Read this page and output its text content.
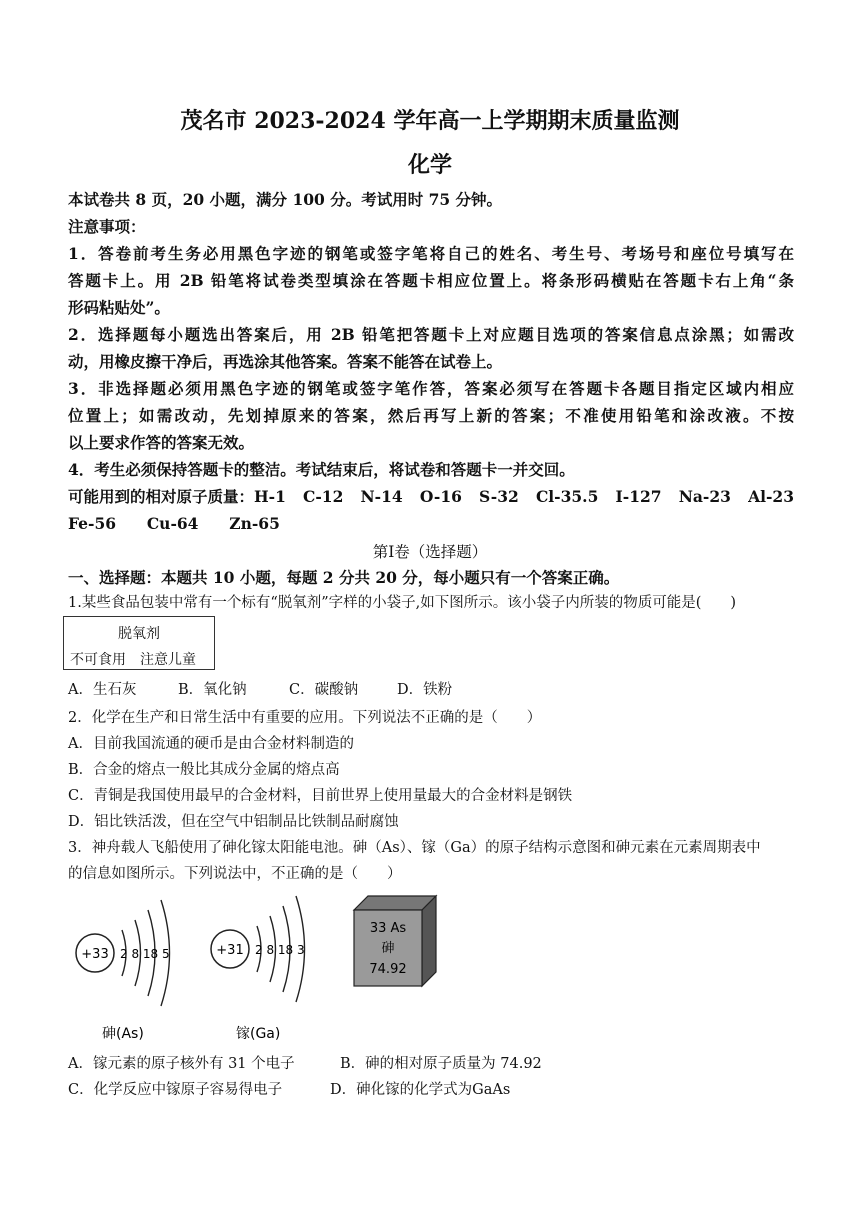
茂名市 2023-2024 学年高一上学期期末质量监测
化学
本试卷共 8 页，20 小题，满分 100 分。考试用时 75 分钟。
注意事项：
1．答卷前考生务必用黑色字迹的钢笔或签字笔将自己的姓名、考生号、考场号和座位号填写在
答题卡上。用 2B 铅笔将试卷类型填涂在答题卡相应位置上。将条形码横贴在答题卡右上角“条
形码粘贴处”。
2．选择题每小题选出答案后，用 2B 铅笔把答题卡上对应题目选项的答案信息点涂黑；如需改
动，用橡皮擦干净后，再选涂其他答案。答案不能答在试卷上。
3．非选择题必须用黑色字迹的钢笔或签字笔作答，答案必须写在答题卡各题目指定区域内相应
位置上；如需改动，先划掉原来的答案，然后再写上新的答案；不准使用铅笔和涂改液。不按
以上要求作答的答案无效。
4．考生必须保持答题卡的整洁。考试结束后，将试卷和答题卡一并交回。
可能用到的相对原子质量：H-1 C-12 N-14 O-16 S-32 Cl-35.5 I-127 Na-23 Al-23
Fe-56 Cu-64 Zn-65
第Ⅰ卷（选择题）
一、选择题：本题共 10 小题，每题 2 分共 20 分，每小题只有一个答案正确。
1.某些食品包装中常有一个标有“脱氧剂”字样的小袋子,如下图所示。该小袋子内所装的物质可能是(　　)
脱氧剂
不可食用　注意儿童
A．生石灰	B．氧化钠	C．碳酸钠	D．铁粉
2．化学在生产和日常生活中有重要的应用。下列说法不正确的是（　　）
A．目前我国流通的硬币是由合金材料制造的
B．合金的熔点一般比其成分金属的熔点高
C．青铜是我国使用最早的合金材料，目前世界上使用量最大的合金材料是钢铁
D．铝比铁活泼，但在空气中铝制品比铁制品耐腐蚀
3．神舟载人飞船使用了砷化镓太阳能电池。砷（As）、镓（Ga）的原子结构示意图和砷元素在元素周期表中
的信息如图所示。下列说法中，不正确的是（　　）
+33 2 8 18 5
砷(As)
+31 2 8 18 3
镓(Ga)
33 As
砷
74.92
A．镓元素的原子核外有 31 个电子	B．砷的相对原子质量为 74.92
C．化学反应中镓原子容易得电子	D．砷化镓的化学式为GaAs
